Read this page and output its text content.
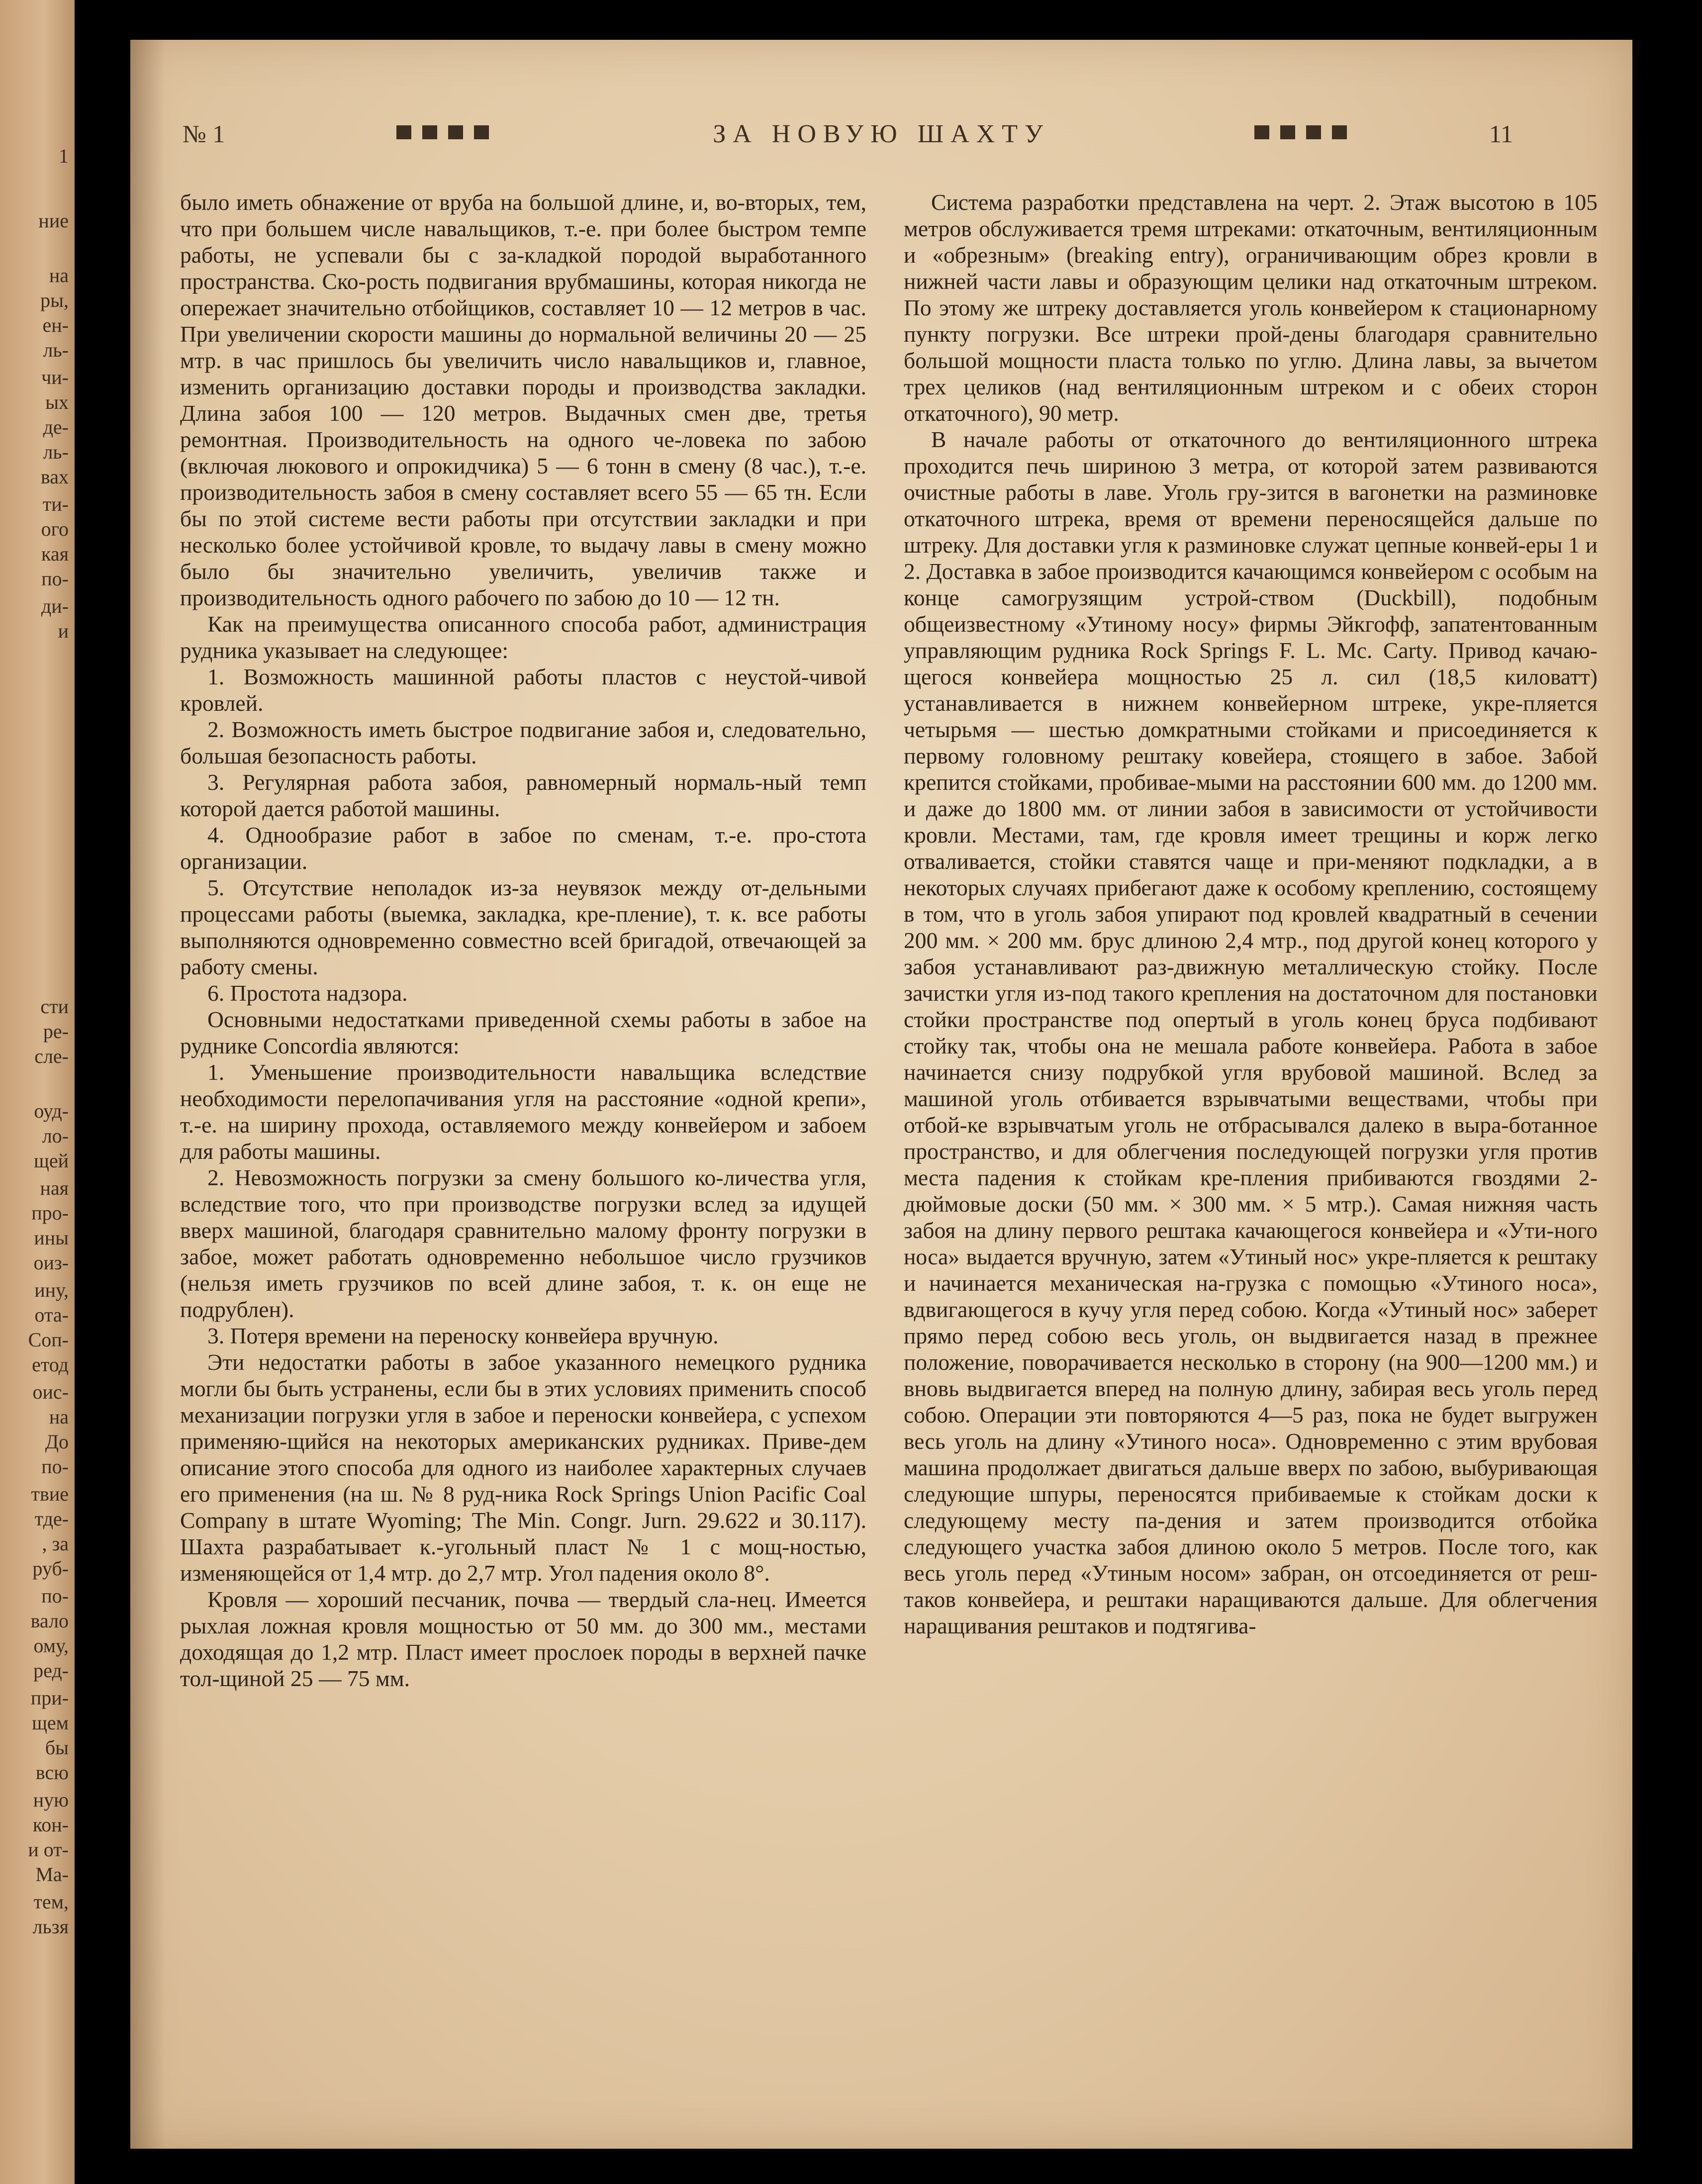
1
ние
на
ры,
ен-
ль-
чи-
ых
де-
ль-
вах
ти-
ого
кая
по-
ди-
и
сти
ре-
сле-
оуд-
ло-
щей
ная
про-
ины
оиз-
ину,
ота-
Соп-
етод
оис-
на
До
по-
твие
тде-
, за
руб-
по-
вало
ому,
ред-
при-
щем
бы
всю
ную
кон-
и от-
Ма-
тем,
льзя
№ 1	ЗА НОВУЮ ШАХТУ	11

было иметь обнажение от вруба на большой длине, и, во-вторых, тем, что при большем числе навальщиков, т.-е. при более быстром темпе работы, не успевали бы с за-кладкой породой выработанного пространства. Ско-рость подвигания врубмашины, которая никогда не опережает значительно отбойщиков, составляет 10 — 12 метров в час. При увеличении скорости машины до нормальной величины 20 — 25 мтр. в час пришлось бы увеличить число навальщиков и, главное, изменить организацию доставки породы и производства закладки. Длина забоя 100 — 120 метров. Выдачных смен две, третья ремонтная. Производительность на одного че-ловека по забою (включая люкового и опрокидчика) 5 — 6 тонн в смену (8 час.), т.-е. производительность забоя в смену составляет всего 55 — 65 тн. Если бы по этой системе вести работы при отсутствии закладки и при несколько более устойчивой кровле, то выдачу лавы в смену можно было бы значительно увеличить, увеличив также и производительность одного рабочего по забою до 10 — 12 тн.

Как на преимущества описанного способа работ, администрация рудника указывает на следующее:

1. Возможность машинной работы пластов с неустой-чивой кровлей.

2. Возможность иметь быстрое подвигание забоя и, следовательно, большая безопасность работы.

3. Регулярная работа забоя, равномерный нормаль-ный темп которой дается работой машины.

4. Однообразие работ в забое по сменам, т.-е. про-стота организации.

5. Отсутствие неполадок из-за неувязок между от-дельными процессами работы (выемка, закладка, кре-пление), т. к. все работы выполняются одновременно совместно всей бригадой, отвечающей за работу смены.

6. Простота надзора.

Основными недостатками приведенной схемы работы в забое на руднике Concordia являются:

1. Уменьшение производительности навальщика вследствие необходимости перелопачивания угля на расстояние «одной крепи», т.-е. на ширину прохода, оставляемого между конвейером и забоем для работы машины.

2. Невозможность погрузки за смену большого ко-личества угля, вследствие того, что при производстве погрузки вслед за идущей вверх машиной, благодаря сравнительно малому фронту погрузки в забое, может работать одновременно небольшое число грузчиков (нельзя иметь грузчиков по всей длине забоя, т. к. он еще не подрублен).

3. Потеря времени на переноску конвейера вручную.

Эти недостатки работы в забое указанного немецкого рудника могли бы быть устранены, если бы в этих условиях применить способ механизации погрузки угля в забое и переноски конвейера, с успехом применяю-щийся на некоторых американских рудниках. Приве-дем описание этого способа для одного из наиболее характерных случаев его применения (на ш. № 8 руд-ника Rock Springs Union Pacific Coal Company в штате Wyoming; The Min. Congr. Jurn. 29.622 и 30.117). Шахта разрабатывает к.-угольный пласт № 1 с мощ-ностью, изменяющейся от 1,4 мтр. до 2,7 мтр. Угол падения около 8°.

Кровля — хороший песчаник, почва — твердый сла-нец. Имеется рыхлая ложная кровля мощностью от 50 мм. до 300 мм., местами доходящая до 1,2 мтр. Пласт имеет прослоек породы в верхней пачке тол-щиной 25 — 75 мм.

Система разработки представлена на черт. 2. Этаж высотою в 105 метров обслуживается тремя штреками: откаточным, вентиляционным и «обрезным» (breaking entry), ограничивающим обрез кровли в нижней части лавы и образующим целики над откаточным штреком. По этому же штреку доставляется уголь конвейером к стационарному пункту погрузки. Все штреки прой-дены благодаря сравнительно большой мощности пласта только по углю. Длина лавы, за вычетом трех целиков (над вентиляционным штреком и с обеих сторон откаточного), 90 метр.

В начале работы от откаточного до вентиляционного штрека проходится печь шириною 3 метра, от которой затем развиваются очистные работы в лаве. Уголь гру-зится в вагонетки на разминовке откаточного штрека, время от времени переносящейся дальше по штреку. Для доставки угля к разминовке служат цепные конвей-еры 1 и 2. Доставка в забое производится качающимся конвейером с особым на конце самогрузящим устрой-ством (Duckbill), подобным общеизвестному «Утиному носу» фирмы Эйкгофф, запатентованным управляющим рудника Rock Springs F. L. Mc. Carty. Привод качаю-щегося конвейера мощностью 25 л. сил (18,5 киловатт) устанавливается в нижнем конвейерном штреке, укре-пляется четырьмя — шестью домкратными стойками и присоединяется к первому головному рештаку ковейера, стоящего в забое. Забой крепится стойками, пробивае-мыми на расстоянии 600 мм. до 1200 мм. и даже до 1800 мм. от линии забоя в зависимости от устойчивости кровли. Местами, там, где кровля имеет трещины и корж легко отваливается, стойки ставятся чаще и при-меняют подкладки, а в некоторых случаях прибегают даже к особому креплению, состоящему в том, что в уголь забоя упирают под кровлей квадратный в сечении 200 мм. × 200 мм. брус длиною 2,4 мтр., под другой конец которого у забоя устанавливают раз-движную металлическую стойку. После зачистки угля из-под такого крепления на достаточном для постановки стойки пространстве под опертый в уголь конец бруса подбивают стойку так, чтобы она не мешала работе конвейера. Работа в забое начинается снизу подрубкой угля врубовой машиной. Вслед за машиной уголь отбивается взрывчатыми веществами, чтобы при отбой-ке взрывчатым уголь не отбрасывался далеко в выра-ботанное пространство, и для облегчения последующей погрузки угля против места падения к стойкам кре-пления прибиваются гвоздями 2-дюймовые доски (50 мм. × 300 мм. × 5 мтр.). Самая нижняя часть забоя на длину первого рештака качающегося конвейера и «Ути-ного носа» выдается вручную, затем «Утиный нос» укре-пляется к рештаку и начинается механическая на-грузка с помощью «Утиного носа», вдвигающегося в кучу угля перед собою. Когда «Утиный нос» заберет прямо перед собою весь уголь, он выдвигается назад в прежнее положение, поворачивается несколько в сторону (на 900—1200 мм.) и вновь выдвигается вперед на полную длину, забирая весь уголь перед собою. Операции эти повторяются 4—5 раз, пока не будет выгружен весь уголь на длину «Утиного носа». Одновременно с этим врубовая машина продолжает двигаться дальше вверх по забою, выбуривающая следующие шпуры, переносятся прибиваемые к стойкам доски к следующему месту па-дения и затем производится отбойка следующего участка забоя длиною около 5 метров. После того, как весь уголь перед «Утиным носом» забран, он отсоединяется от реш-таков конвейера, и рештаки наращиваются дальше. Для облегчения наращивания рештаков и подтягива-
